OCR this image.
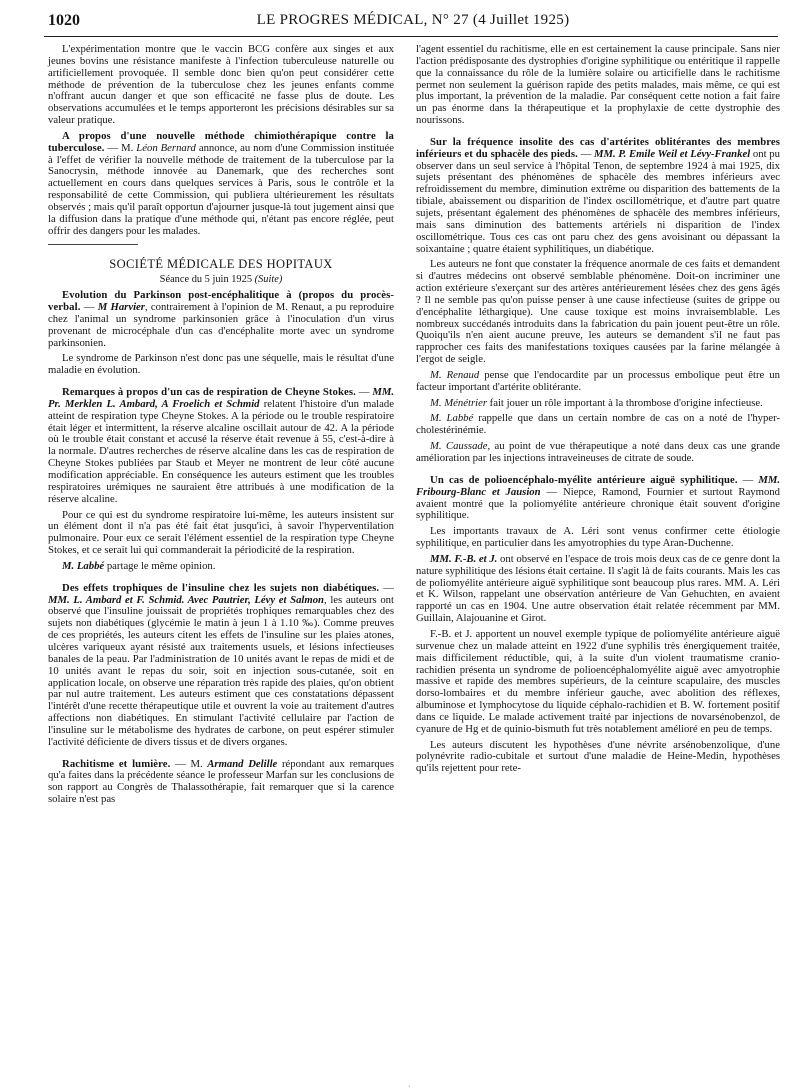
1020	LE PROGRES MÉDICAL, N° 27 (4 Juillet 1925)

L'expérimentation montre que le vaccin BCG confère aux singes et aux jeunes bovins une résistance manifeste à l'infection tuberculeuse naturelle ou artificiellement provoquée. Il semble donc bien qu'on peut considérer cette méthode de prévention de la tuberculose chez les jeunes enfants comme n'offrant aucun danger et que son efficacité ne fasse plus de doute. Les observations accumulées et le temps apporteront les précisions désirables sur sa valeur pratique.

A propos d'une nouvelle méthode chimiothérapique contre la tuberculose. — M. Léon Bernard annonce, au nom d'une Commission instituée à l'effet de vérifier la nouvelle méthode de traitement de la tuberculose par la Sanocrysin, méthode innovée au Danemark, que des recherches sont actuellement en cours dans quelques services à Paris, sous le contrôle et la responsabilité de cette Commission, qui publiera ultérieurement les résultats observés ; mais qu'il paraît opportun d'ajourner jusque-là tout jugement ainsi que la diffusion dans la pratique d'une méthode qui, n'étant pas encore réglée, peut offrir des dangers pour les malades.

SOCIÉTÉ MÉDICALE DES HOPITAUX

Séance du 5 juin 1925 (Suite)

Evolution du Parkinson post-encéphalitique à (propos du procès-verbal. — M Harvier, contrairement à l'opinion de M. Renaut, a pu reproduire chez l'animal un syndrome parkinsonien grâce à l'inoculation d'un virus provenant de microcéphale d'un cas d'encéphalite morte avec un syndrome parkinsonien.

Le syndrome de Parkinson n'est donc pas une séquelle, mais le résultat d'une maladie en évolution.

Remarques à propos d'un cas de respiration de Cheyne Stokes. — MM. Pr. Merklen L. Ambard, A Froelich et Schmid relatent l'histoire d'un malade atteint de respiration type Cheyne Stokes. A la période ou le trouble respiratoire était léger et intermittent, la réserve alcaline oscillait autour de 42. A la période où le trouble était constant et accusé la réserve était revenue à 55, c'est-à-dire à la normale. D'autres recherches de réserve alcaline dans les cas de respiration de Cheyne Stokes publiées par Staub et Meyer ne montrent de leur côté aucune modification appréciable. En conséquence les auteurs estiment que les troubles respiratoires urémiques ne sauraient être attribués à une modification de la réserve alcaline.

Pour ce qui est du syndrome respiratoire lui-même, les auteurs insistent sur un élément dont il n'a pas été fait état jusqu'ici, à savoir l'hyperventilation pulmonaire. Pour eux ce serait l'élément essentiel de la respiration type Cheyne Stokes, et ce serait lui qui commanderait la périodicité de la respiration.

M. Labbé partage le même opinion.

Des effets trophiques de l'insuline chez les sujets non diabétiques. — MM. L. Ambard et F. Schmid. Avec Pautrier, Lévy et Salmon, les auteurs ont observé que l'insuline jouissait de propriétés trophiques remarquables chez des sujets non diabétiques (glycémie le matin à jeun 1 à 1.10 ‰). Comme preuves de ces propriétés, les auteurs citent les effets de l'insuline sur les plaies atones, ulcères variqueux ayant résisté aux traitements usuels, et lésions infectieuses banales de la peau. Par l'administration de 10 unités avant le repas de midi et de 10 unités avant le repas du soir, soit en injection sous-cutanée, soit en application locale, on observe une réparation très rapide des plaies, qu'on obtient par nul autre traitement. Les auteurs estiment que ces constatations dépassent l'intérêt d'une recette thérapeutique utile et ouvrent la voie au traitement d'autres affections non diabétiques. En stimulant l'activité cellulaire par l'action de l'insuline sur le métabolisme des hydrates de carbone, on peut espérer stimuler l'activité déficiente de divers tissus et de divers organes.

Rachitisme et lumière. — M. Armand Delille répondant aux remarques qu'a faites dans la précédente séance le professeur Marfan sur les conclusions de son rapport au Congrès de Thalassothérapie, fait remarquer que si la carence solaire n'est pas

l'agent essentiel du rachitisme, elle en est certainement la cause principale. Sans nier l'action prédisposante des dystrophies d'origine syphilitique ou entéritique il rappelle que la connaissance du rôle de la lumière solaire ou articifielle dans le rachitisme permet non seulement la guérison rapide des petits malades, mais même, ce qui est plus important, la prévention de la maladie. Par conséquent cette notion a fait faire un pas énorme dans la thérapeutique et la prophylaxie de cette dystrophie des nourissons.

Sur la fréquence insolite des cas d'artérites oblitérantes des membres inférieurs et du sphacèle des pieds. — MM. P. Emile Weil et Lévy-Frankel ont pu observer dans un seul service à l'hôpital Tenon, de septembre 1924 à mai 1925, dix sujets présentant des phénomènes de sphacèle des membres inférieurs avec refroidissement du membre, diminution extrême ou disparition des battements de la tibiale, abaissement ou disparition de l'index oscillométrique, et d'autre part quatre sujets, présentant également des phénomènes de sphacèle des membres inférieurs, mais sans diminution des battements artériels ni disparition de l'index oscillométrique. Tous ces cas ont paru chez des gens avoisinant ou dépassant la soixantaine ; quatre étaient syphilitiques, un diabétique.

Les auteurs ne font que constater la fréquence anormale de ces faits et demandent si d'autres médecins ont observé semblable phénomène. Doit-on incriminer une action extérieure s'exerçant sur des artères antérieurement lésées chez des gens âgés ? Il ne semble pas qu'on puisse penser à une cause infectieuse (suites de grippe ou d'encéphalite léthargique). Une cause toxique est moins invraisemblable. Les nombreux succédanés introduits dans la fabrication du pain jouent peut-être un rôle. Quoiqu'ils n'en aient aucune preuve, les auteurs se demandent s'il ne faut pas rapprocher ces faits des manifestations toxiques causées par la farine mélangée à l'ergot de seigle.

M. Renaud pense que l'endocardite par un processus embolique peut être un facteur important d'artérite oblitérante.

M. Ménétrier fait jouer un rôle important à la thrombose d'origine infectieuse.

M. Labbé rappelle que dans un certain nombre de cas on a noté de l'hyper-cholestérinémie.

M. Caussade, au point de vue thérapeutique a noté dans deux cas une grande amélioration par les injections intraveineuses de citrate de soude.

Un cas de polioencéphalo-myélite antérieure aiguë syphilitique. — MM. Fribourg-Blanc et Jausion — Niepce, Ramond, Fournier et surtout Raymond avaient montré que la poliomyélite antérieure chronique était souvent d'origine syphilitique.

Les importants travaux de A. Léri sont venus confirmer cette étiologie syphilitique, en particulier dans les amyotrophies du type Aran-Duchenne.

MM. F.-B. et J. ont observé en l'espace de trois mois deux cas de ce genre dont la nature syphilitique des lésions était certaine. Il s'agit là de faits courants. Mais les cas de poliomyélite antérieure aiguë syphilitique sont beaucoup plus rares. MM. A. Léri et K. Wilson, rappelant une observation antérieure de Van Gehuchten, en avaient rapporté un cas en 1904. Une autre observation était relatée récemment par MM. Guillain, Alajouanine et Girot.

F.-B. et J. apportent un nouvel exemple typique de poliomyélite antérieure aiguë survenue chez un malade atteint en 1922 d'une syphilis très énergiquement traitée, mais difficilement réductible, qui, à la suite d'un violent traumatisme cranio-rachidien présenta un syndrome de polioencéphalomyélite aiguë avec amyotrophie massive et rapide des membres supérieurs, de la ceinture scapulaire, des muscles dorso-lombaires et du membre inférieur gauche, avec abolition des réflexes, albuminose et lymphocytose du liquide céphalo-rachidien et B. W. fortement positif dans ce liquide. Le malade activement traité par injections de novarsénobenzol, de cyanure de Hg et de quinio-bismuth fut très notablement amélioré en peu de temps.

Les auteurs discutent les hypothèses d'une névrite arsénobenzolique, d'une polynévrite radio-cubitale et surtout d'une maladie de Heine-Medin, hypothèses qu'ils rejettent pour rete-

·
